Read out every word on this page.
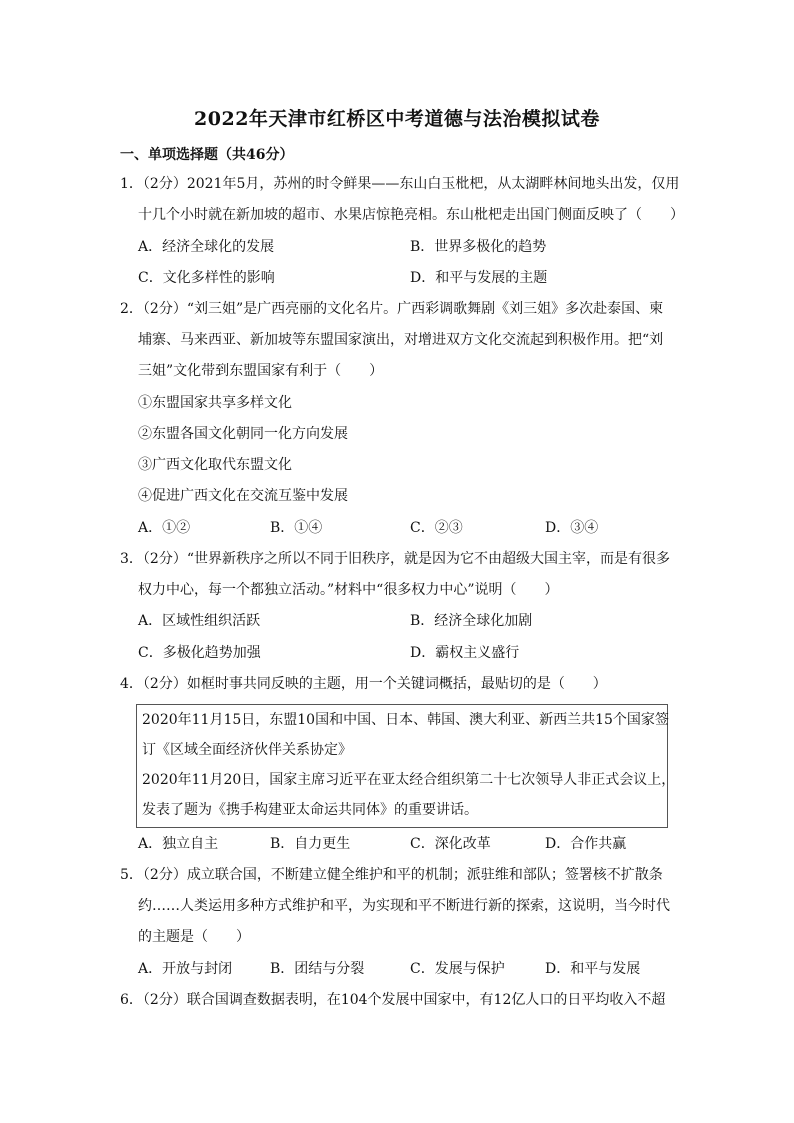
2022年天津市红桥区中考道德与法治模拟试卷
一、单项选择题（共46分）
1．（2分）2021年5月，苏州的时令鲜果——东山白玉枇杷，从太湖畔林间地头出发，仅用
十几个小时就在新加坡的超市、水果店惊艳亮相。东山枇杷走出国门侧面反映了（　　）
A．经济全球化的发展	B．世界多极化的趋势
C．文化多样性的影响	D．和平与发展的主题
2．（2分）“刘三姐”是广西亮丽的文化名片。广西彩调歌舞剧《刘三姐》多次赴泰国、柬
埔寨、马来西亚、新加坡等东盟国家演出，对增进双方文化交流起到积极作用。把“刘
三姐”文化带到东盟国家有利于（　　）
①东盟国家共享多样文化
②东盟各国文化朝同一化方向发展
③广西文化取代东盟文化
④促进广西文化在交流互鉴中发展
A．①②	B．①④	C．②③	D．③④
3．（2分）“世界新秩序之所以不同于旧秩序，就是因为它不由超级大国主宰，而是有很多
权力中心，每一个都独立活动。”材料中“很多权力中心”说明（　　）
A．区域性组织活跃	B．经济全球化加剧
C．多极化趋势加强	D．霸权主义盛行
4．（2分）如框时事共同反映的主题，用一个关键词概括，最贴切的是（　　）
2020年11月15日，东盟10国和中国、日本、韩国、澳大利亚、新西兰共15个国家签
订《区域全面经济伙伴关系协定》
2020年11月20日，国家主席习近平在亚太经合组织第二十七次领导人非正式会议上，
发表了题为《携手构建亚太命运共同体》的重要讲话。
A．独立自主	B．自力更生	C．深化改革	D．合作共赢
5．（2分）成立联合国，不断建立健全维护和平的机制；派驻维和部队；签署核不扩散条
约……人类运用多种方式维护和平，为实现和平不断进行新的探索，这说明，当今时代
的主题是（　　）
A．开放与封闭	B．团结与分裂	C．发展与保护	D．和平与发展
6．（2分）联合国调查数据表明，在104个发展中国家中，有12亿人口的日平均收入不超
